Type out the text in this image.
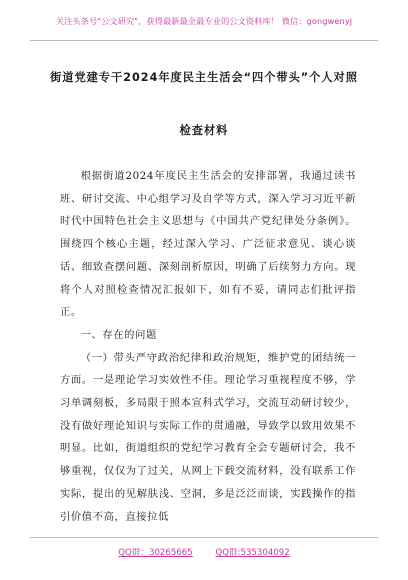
关注头条号"公文研究"，获得最新最全最专业的公文资料库！ 微信：gongwenyj
街道党建专干2024年度民主生活会“四个带头”个人对照
检查材料

根据街道2024年度民主生活会的安排部署，我通过读书班、研讨交流、中心组学习及自学等方式，深入学习习近平新时代中国特色社会主义思想与《中国共产党纪律处分条例》。围绕四个核心主题，经过深入学习、广泛征求意见、谈心谈话、细致查摆问题、深刻剖析原因，明确了后续努力方向。现将个人对照检查情况汇报如下，如有不妥，请同志们批评指正。

一、存在的问题

（一）带头严守政治纪律和政治规矩，维护党的团结统一方面。一是理论学习实效性不佳。理论学习重视程度不够，学习单调刻板，多局限于照本宣科式学习，交流互动研讨较少，没有做好理论知识与实际工作的贯通融，导致学以致用效果不明显。比如，街道组织的党纪学习教育全会专题研讨会，我不够重视，仅仅为了过关，从网上下载交流材料，没有联系工作实际，提出的见解肤浅、空洞，多是泛泛而谈，实践操作的指引价值不高，直接拉低

QQ群：30265665	QQ群:535304092
